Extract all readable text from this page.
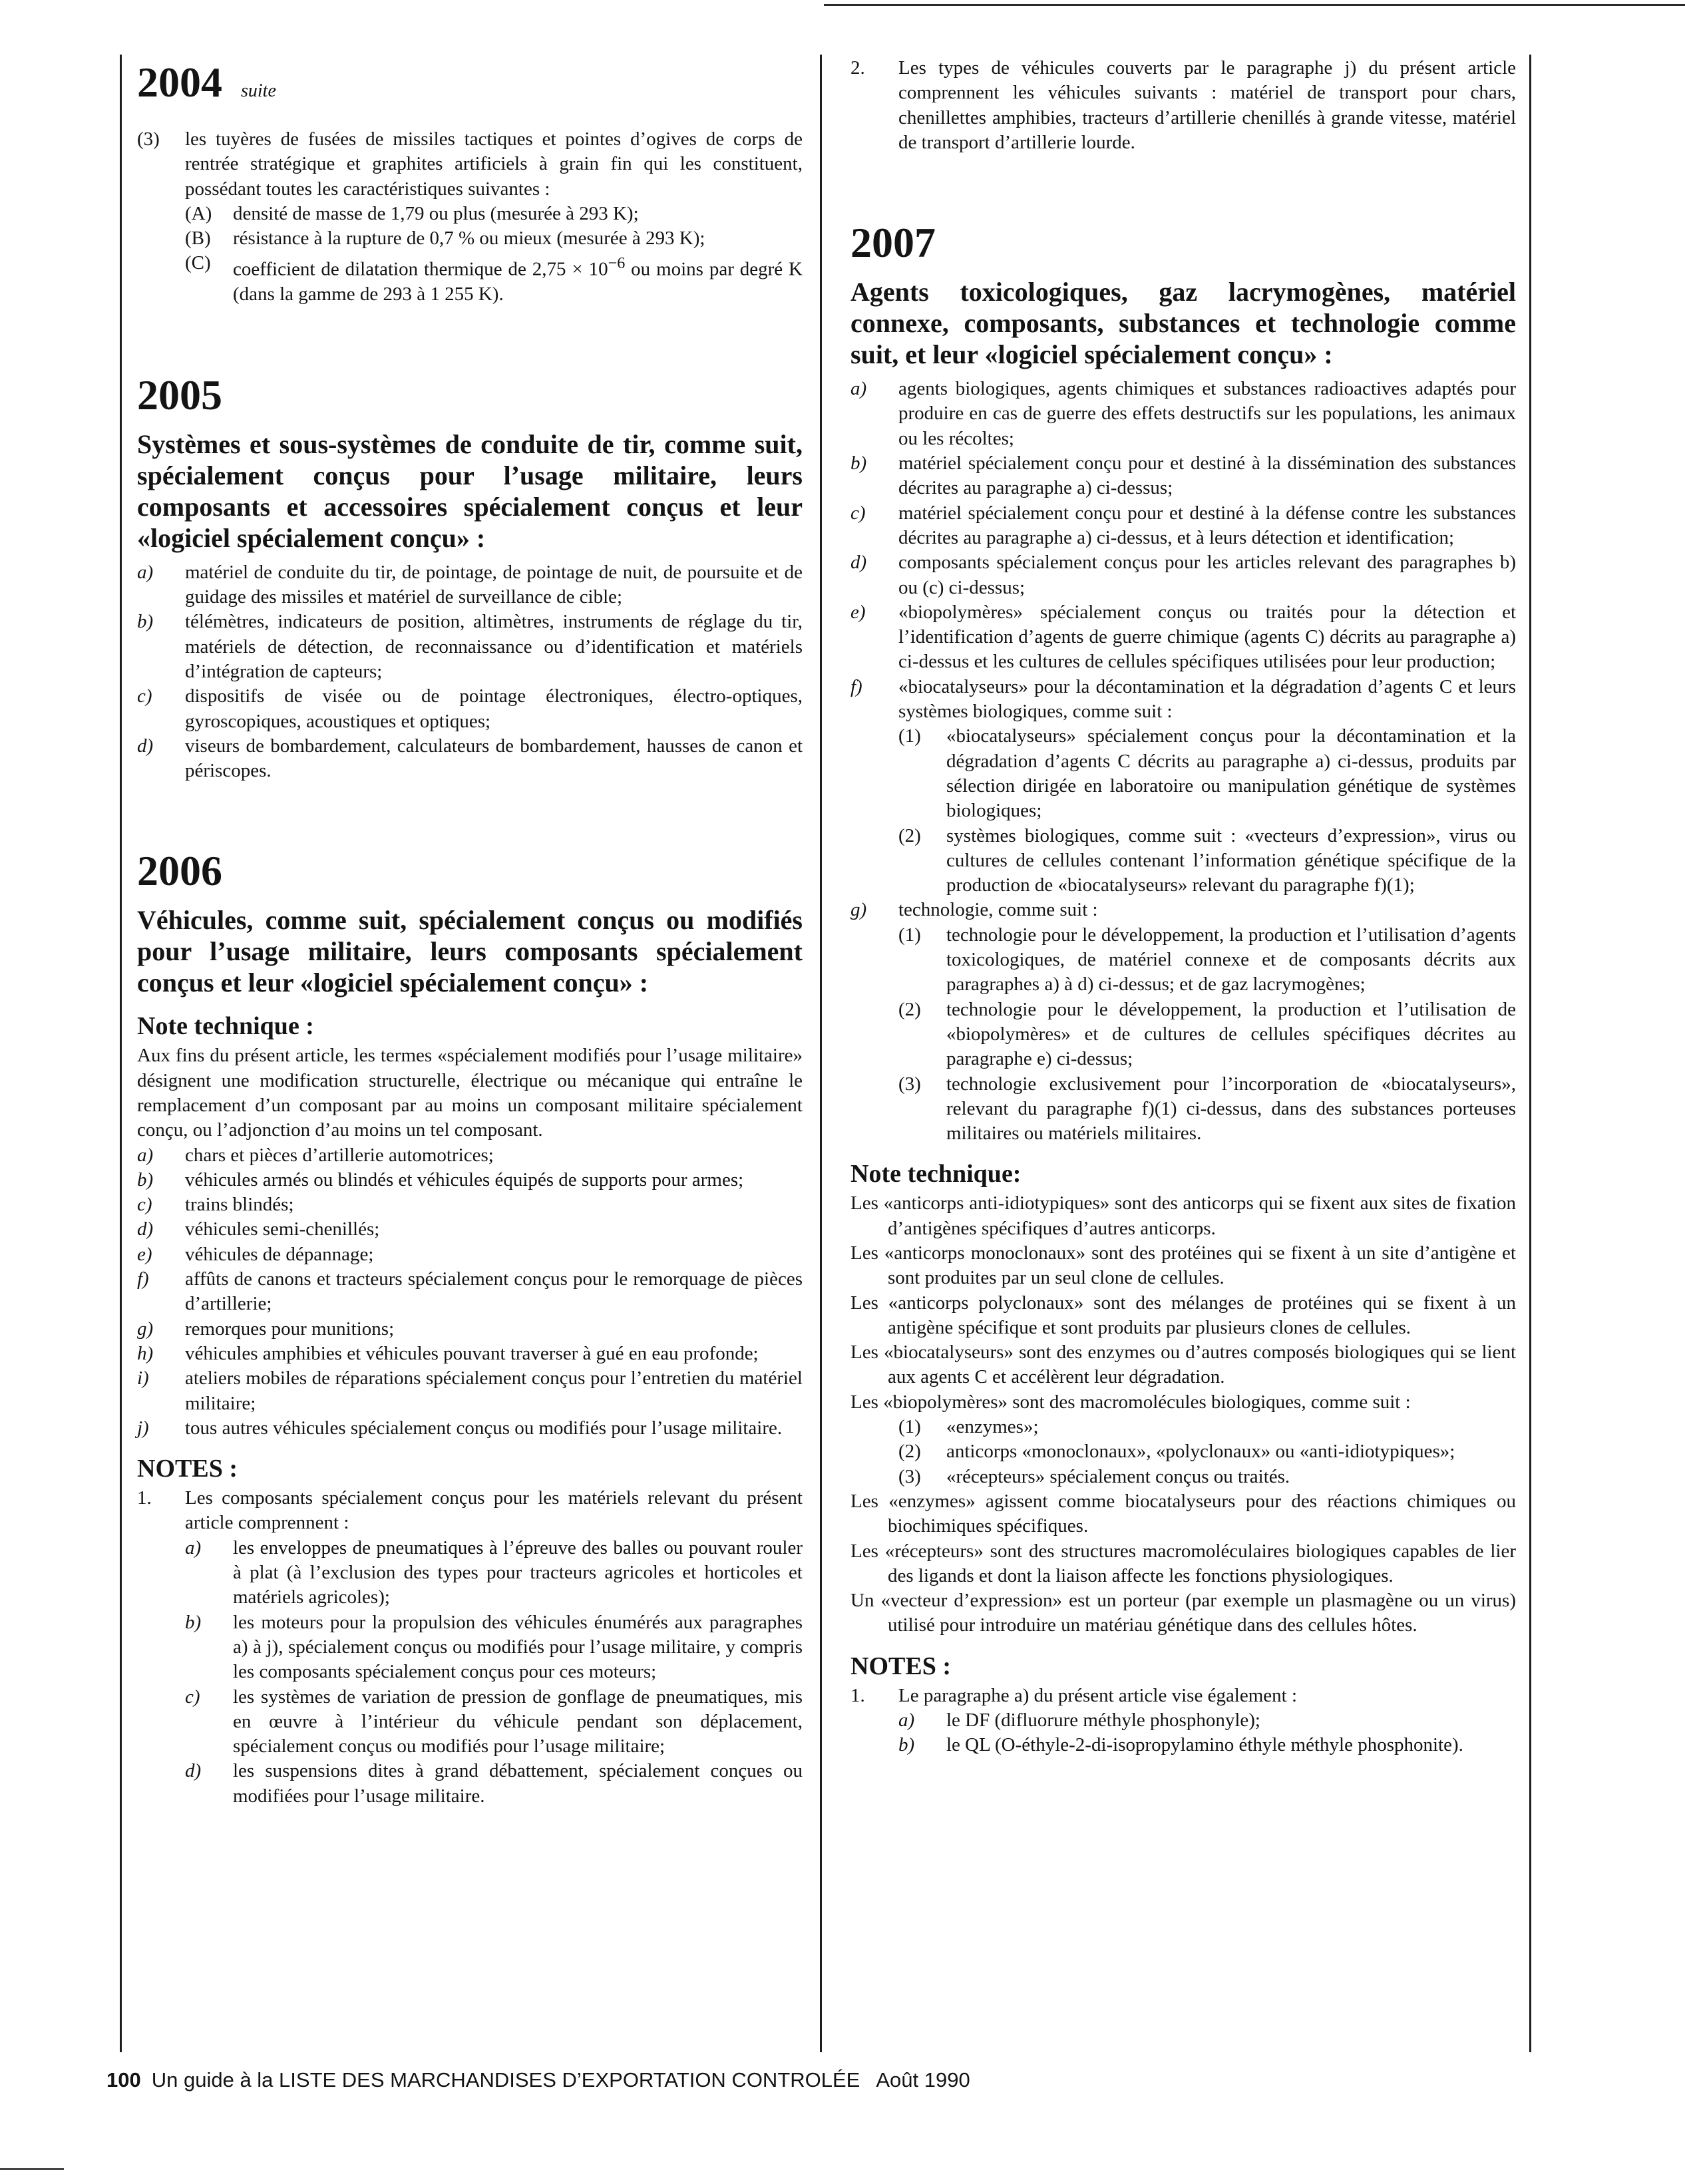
2004 suite
(3)	les tuyères de fusées de missiles tactiques et pointes d’ogives de corps de rentrée stratégique et graphites artificiels à grain fin qui les constituent, possédant toutes les caractéristiques suivantes :
(A)	densité de masse de 1,79 ou plus (mesurée à 293 K);
(B)	résistance à la rupture de 0,7 % ou mieux (mesurée à 293 K);
(C)	coefficient de dilatation thermique de $2,75 \times 10^{-6}$ ou moins par degré K (dans la gamme de 293 à 1 255 K).
2005
Systèmes et sous-systèmes de conduite de tir, comme suit, spécialement conçus pour l’usage militaire, leurs composants et accessoires spécialement conçus et leur «logiciel spécialement conçu» :
a)	matériel de conduite du tir, de pointage, de pointage de nuit, de poursuite et de guidage des missiles et matériel de surveillance de cible;
b)	télémètres, indicateurs de position, altimètres, instruments de réglage du tir, matériels de détection, de reconnaissance ou d’identification et matériels d’intégration de capteurs;
c)	dispositifs de visée ou de pointage électroniques, électro-optiques, gyroscopiques, acoustiques et optiques;
d)	viseurs de bombardement, calculateurs de bombardement, hausses de canon et périscopes.
2006
Véhicules, comme suit, spécialement conçus ou modifiés pour l’usage militaire, leurs composants spécialement conçus et leur «logiciel spécialement conçu» :
Note technique :
Aux fins du présent article, les termes «spécialement modifiés pour l’usage militaire» désignent une modification structurelle, électrique ou mécanique qui entraîne le remplacement d’un composant par au moins un composant militaire spécialement conçu, ou l’adjonction d’au moins un tel composant.
a)	chars et pièces d’artillerie automotrices;
b)	véhicules armés ou blindés et véhicules équipés de supports pour armes;
c)	trains blindés;
d)	véhicules semi-chenillés;
e)	véhicules de dépannage;
f)	affûts de canons et tracteurs spécialement conçus pour le remorquage de pièces d’artillerie;
g)	remorques pour munitions;
h)	véhicules amphibies et véhicules pouvant traverser à gué en eau profonde;
i)	ateliers mobiles de réparations spécialement conçus pour l’entretien du matériel militaire;
j)	tous autres véhicules spécialement conçus ou modifiés pour l’usage militaire.
NOTES :
1.	Les composants spécialement conçus pour les matériels relevant du présent article comprennent :
a)	les enveloppes de pneumatiques à l’épreuve des balles ou pouvant rouler à plat (à l’exclusion des types pour tracteurs agricoles et horticoles et matériels agricoles);
b)	les moteurs pour la propulsion des véhicules énumérés aux paragraphes a) à j), spécialement conçus ou modifiés pour l’usage militaire, y compris les composants spécialement conçus pour ces moteurs;
c)	les systèmes de variation de pression de gonflage de pneumatiques, mis en œuvre à l’intérieur du véhicule pendant son déplacement, spécialement conçus ou modifiés pour l’usage militaire;
d)	les suspensions dites à grand débattement, spécialement conçues ou modifiées pour l’usage militaire.
2.	Les types de véhicules couverts par le paragraphe j) du présent article comprennent les véhicules suivants : matériel de transport pour chars, chenillettes amphibies, tracteurs d’artillerie chenillés à grande vitesse, matériel de transport d’artillerie lourde.
2007
Agents toxicologiques, gaz lacrymogènes, matériel connexe, composants, substances et technologie comme suit, et leur «logiciel spécialement conçu» :
a)	agents biologiques, agents chimiques et substances radioactives adaptés pour produire en cas de guerre des effets destructifs sur les populations, les animaux ou les récoltes;
b)	matériel spécialement conçu pour et destiné à la dissémination des substances décrites au paragraphe a) ci-dessus;
c)	matériel spécialement conçu pour et destiné à la défense contre les substances décrites au paragraphe a) ci-dessus, et à leurs détection et identification;
d)	composants spécialement conçus pour les articles relevant des paragraphes b) ou (c) ci-dessus;
e)	«biopolymères» spécialement conçus ou traités pour la détection et l’identification d’agents de guerre chimique (agents C) décrits au paragraphe a) ci-dessus et les cultures de cellules spécifiques utilisées pour leur production;
f)	«biocatalyseurs» pour la décontamination et la dégradation d’agents C et leurs systèmes biologiques, comme suit :
(1)	«biocatalyseurs» spécialement conçus pour la décontamination et la dégradation d’agents C décrits au paragraphe a) ci-dessus, produits par sélection dirigée en laboratoire ou manipulation génétique de systèmes biologiques;
(2)	systèmes biologiques, comme suit : «vecteurs d’expression», virus ou cultures de cellules contenant l’information génétique spécifique de la production de «biocatalyseurs» relevant du paragraphe f)(1);
g)	technologie, comme suit :
(1)	technologie pour le développement, la production et l’utilisation d’agents toxicologiques, de matériel connexe et de composants décrits aux paragraphes a) à d) ci-dessus; et de gaz lacrymogènes;
(2)	technologie pour le développement, la production et l’utilisation de «biopolymères» et de cultures de cellules spécifiques décrites au paragraphe e) ci-dessus;
(3)	technologie exclusivement pour l’incorporation de «biocatalyseurs», relevant du paragraphe f)(1) ci-dessus, dans des substances porteuses militaires ou matériels militaires.
Note technique:
Les «anticorps anti-idiotypiques» sont des anticorps qui se fixent aux sites de fixation d’antigènes spécifiques d’autres anticorps.
Les «anticorps monoclonaux» sont des protéines qui se fixent à un site d’antigène et sont produites par un seul clone de cellules.
Les «anticorps polyclonaux» sont des mélanges de protéines qui se fixent à un antigène spécifique et sont produits par plusieurs clones de cellules.
Les «biocatalyseurs» sont des enzymes ou d’autres composés biologiques qui se lient aux agents C et accélèrent leur dégradation.
Les «biopolymères» sont des macromolécules biologiques, comme suit :
(1)	«enzymes»;
(2)	anticorps «monoclonaux», «polyclonaux» ou «anti-idiotypiques»;
(3)	«récepteurs» spécialement conçus ou traités.
Les «enzymes» agissent comme biocatalyseurs pour des réactions chimiques ou biochimiques spécifiques.
Les «récepteurs» sont des structures macromoléculaires biologiques capables de lier des ligands et dont la liaison affecte les fonctions physiologiques.
Un «vecteur d’expression» est un porteur (par exemple un plasmagène ou un virus) utilisé pour introduire un matériau génétique dans des cellules hôtes.
NOTES :
1.	Le paragraphe a) du présent article vise également :
a)	le DF (difluorure méthyle phosphonyle);
b)	le QL (O-éthyle-2-di-isopropylamino éthyle méthyle phosphonite).
100 Un guide à la LISTE DES MARCHANDISES D’EXPORTATION CONTROLÉE Août 1990
